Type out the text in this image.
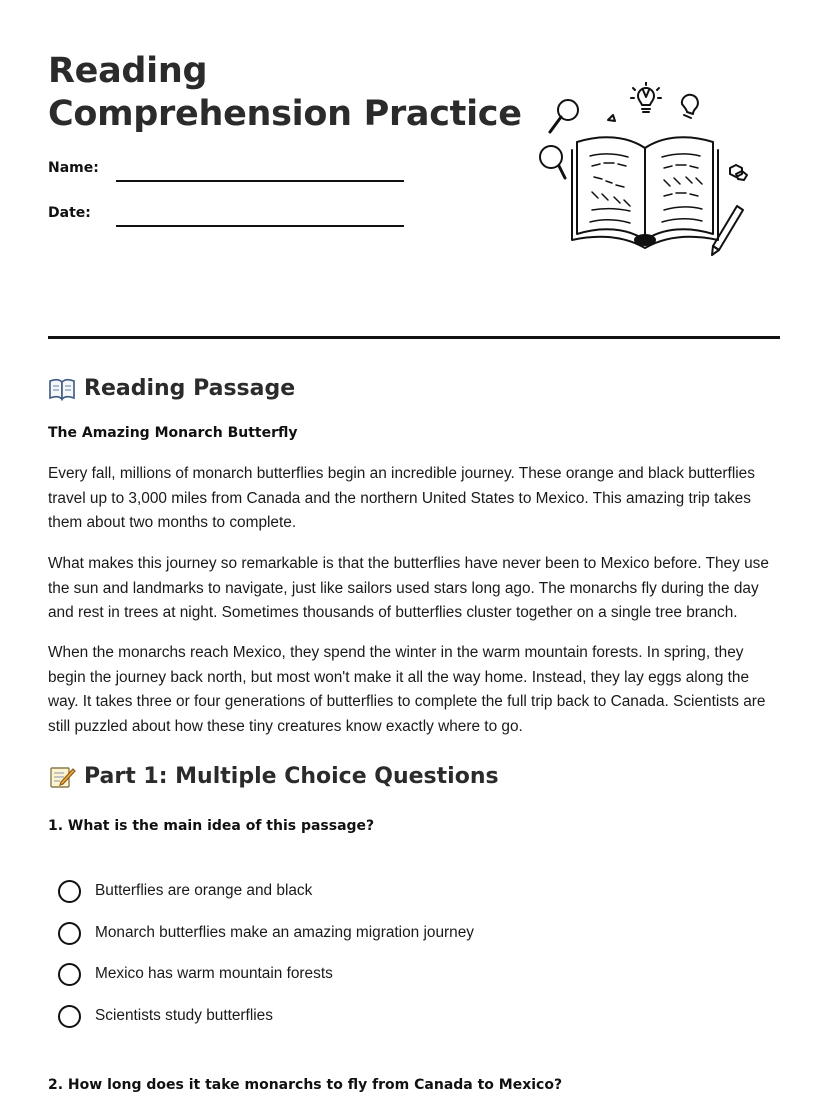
Reading
Comprehension Practice
Name:
Date:
Reading Passage
The Amazing Monarch Butterfly

Every fall, millions of monarch butterflies begin an incredible journey. These orange and black butterflies travel up to 3,000 miles from Canada and the northern United States to Mexico. This amazing trip takes them about two months to complete.

What makes this journey so remarkable is that the butterflies have never been to Mexico before. They use the sun and landmarks to navigate, just like sailors used stars long ago. The monarchs fly during the day and rest in trees at night. Sometimes thousands of butterflies cluster together on a single tree branch.

When the monarchs reach Mexico, they spend the winter in the warm mountain forests. In spring, they begin the journey back north, but most won't make it all the way home. Instead, they lay eggs along the way. It takes three or four generations of butterflies to complete the full trip back to Canada. Scientists are still puzzled about how these tiny creatures know exactly where to go.

Part 1: Multiple Choice Questions
1. What is the main idea of this passage?
Butterflies are orange and black
Monarch butterflies make an amazing migration journey
Mexico has warm mountain forests
Scientists study butterflies
2. How long does it take monarchs to fly from Canada to Mexico?
